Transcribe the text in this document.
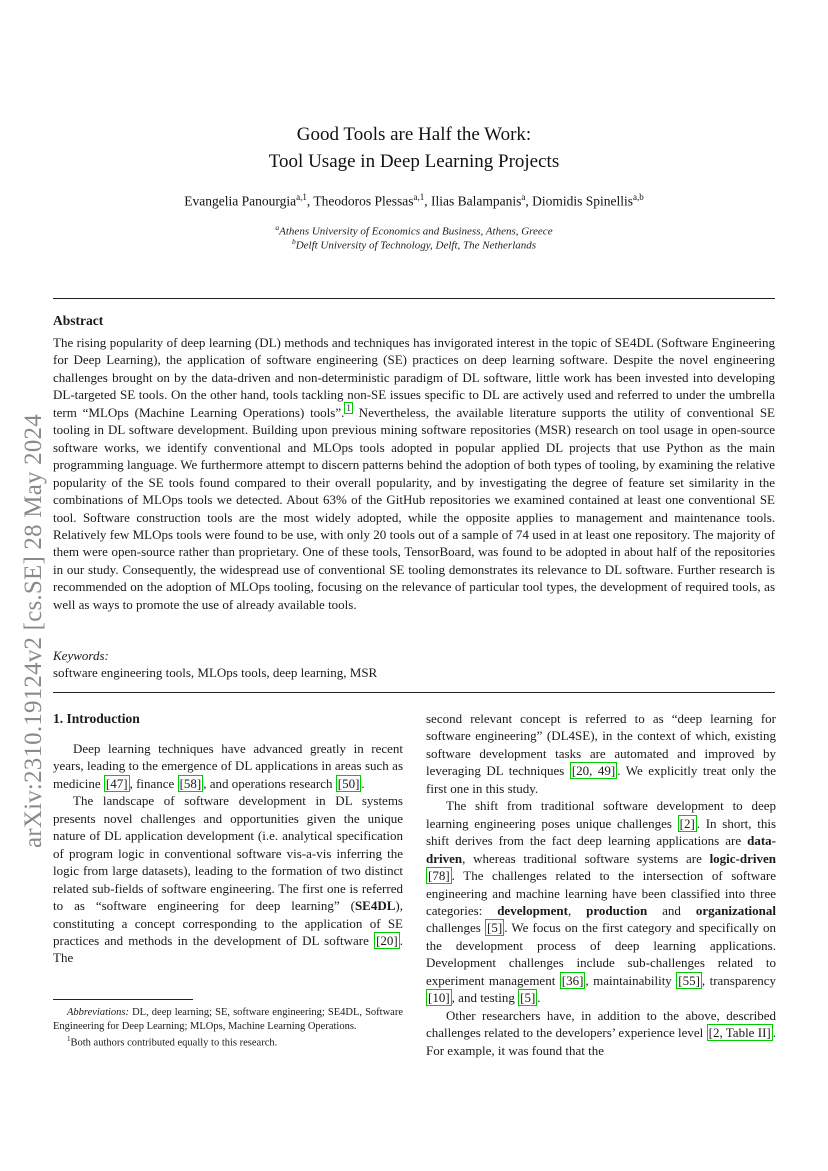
arXiv:2310.19124v2 [cs.SE] 28 May 2024
Good Tools are Half the Work:
Tool Usage in Deep Learning Projects
Evangelia Panourgia$^{a,1}$, Theodoros Plessas$^{a,1}$, Ilias Balampanis$^a$, Diomidis Spinellis$^{a,b}$
$^a$Athens University of Economics and Business, Athens, Greece
$^b$Delft University of Technology, Delft, The Netherlands
Abstract
The rising popularity of deep learning (DL) methods and techniques has invigorated interest in the topic of SE4DL (Software Engineering for Deep Learning), the application of software engineering (SE) practices on deep learning software. Despite the novel engineering challenges brought on by the data-driven and non-deterministic paradigm of DL software, little work has been invested into developing DL-targeted SE tools. On the other hand, tools tackling non-SE issues specific to DL are actively used and referred to under the umbrella term “MLOps (Machine Learning Operations) tools”. $^1$ Nevertheless, the available literature supports the utility of conventional SE tooling in DL software development. Building upon previous mining software repositories (MSR) research on tool usage in open-source software works, we identify conventional and MLOps tools adopted in popular applied DL projects that use Python as the main programming language. We furthermore attempt to discern patterns behind the adoption of both types of tooling, by examining the relative popularity of the SE tools found compared to their overall popularity, and by investigating the degree of feature set similarity in the combinations of MLOps tools we detected. About 63% of the GitHub repositories we examined contained at least one conventional SE tool. Software construction tools are the most widely adopted, while the opposite applies to management and maintenance tools. Relatively few MLOps tools were found to be use, with only 20 tools out of a sample of 74 used in at least one repository. The majority of them were open-source rather than proprietary. One of these tools, TensorBoard, was found to be adopted in about half of the repositories in our study. Consequently, the widespread use of conventional SE tooling demonstrates its relevance to DL software. Further research is recommended on the adoption of MLOps tooling, focusing on the relevance of particular tool types, the development of required tools, as well as ways to promote the use of already available tools.
Keywords:
software engineering tools, MLOps tools, deep learning, MSR
1. Introduction

Deep learning techniques have advanced greatly in recent years, leading to the emergence of DL applications in areas such as medicine [47] , finance [58] , and operations research [50] .

The landscape of software development in DL systems presents novel challenges and opportunities given the unique nature of DL application development (i.e. analytical specification of program logic in conventional software vis-a-vis inferring the logic from large datasets), leading to the formation of two distinct related sub-fields of software engineering. The first one is referred to as “software engineering for deep learning” (SE4DL), constituting a concept corresponding to the application of SE practices and methods in the development of DL software [20] . The

second relevant concept is referred to as “deep learning for software engineering” (DL4SE), in the context of which, existing software development tasks are automated and improved by leveraging DL techniques [20, 49] . We explicitly treat only the first one in this study.

The shift from traditional software development to deep learning engineering poses unique challenges [2] . In short, this shift derives from the fact deep learning applications are data-driven, whereas traditional software systems are logic-driven [78] . The challenges related to the intersection of software engineering and machine learning have been classified into three categories: development, production and organizational challenges [5] . We focus on the first category and specifically on the development process of deep learning applications. Development challenges include sub-challenges related to experiment management [36] , maintainability [55] , transparency [10] , and testing [5] .

Other researchers have, in addition to the above, described challenges related to the developers’ experience level [2, Table II] . For example, it was found that the

Abbreviations: DL, deep learning; SE, software engineering; SE4DL, Software Engineering for Deep Learning; MLOps, Machine Learning Operations.

$^1$Both authors contributed equally to this research.
